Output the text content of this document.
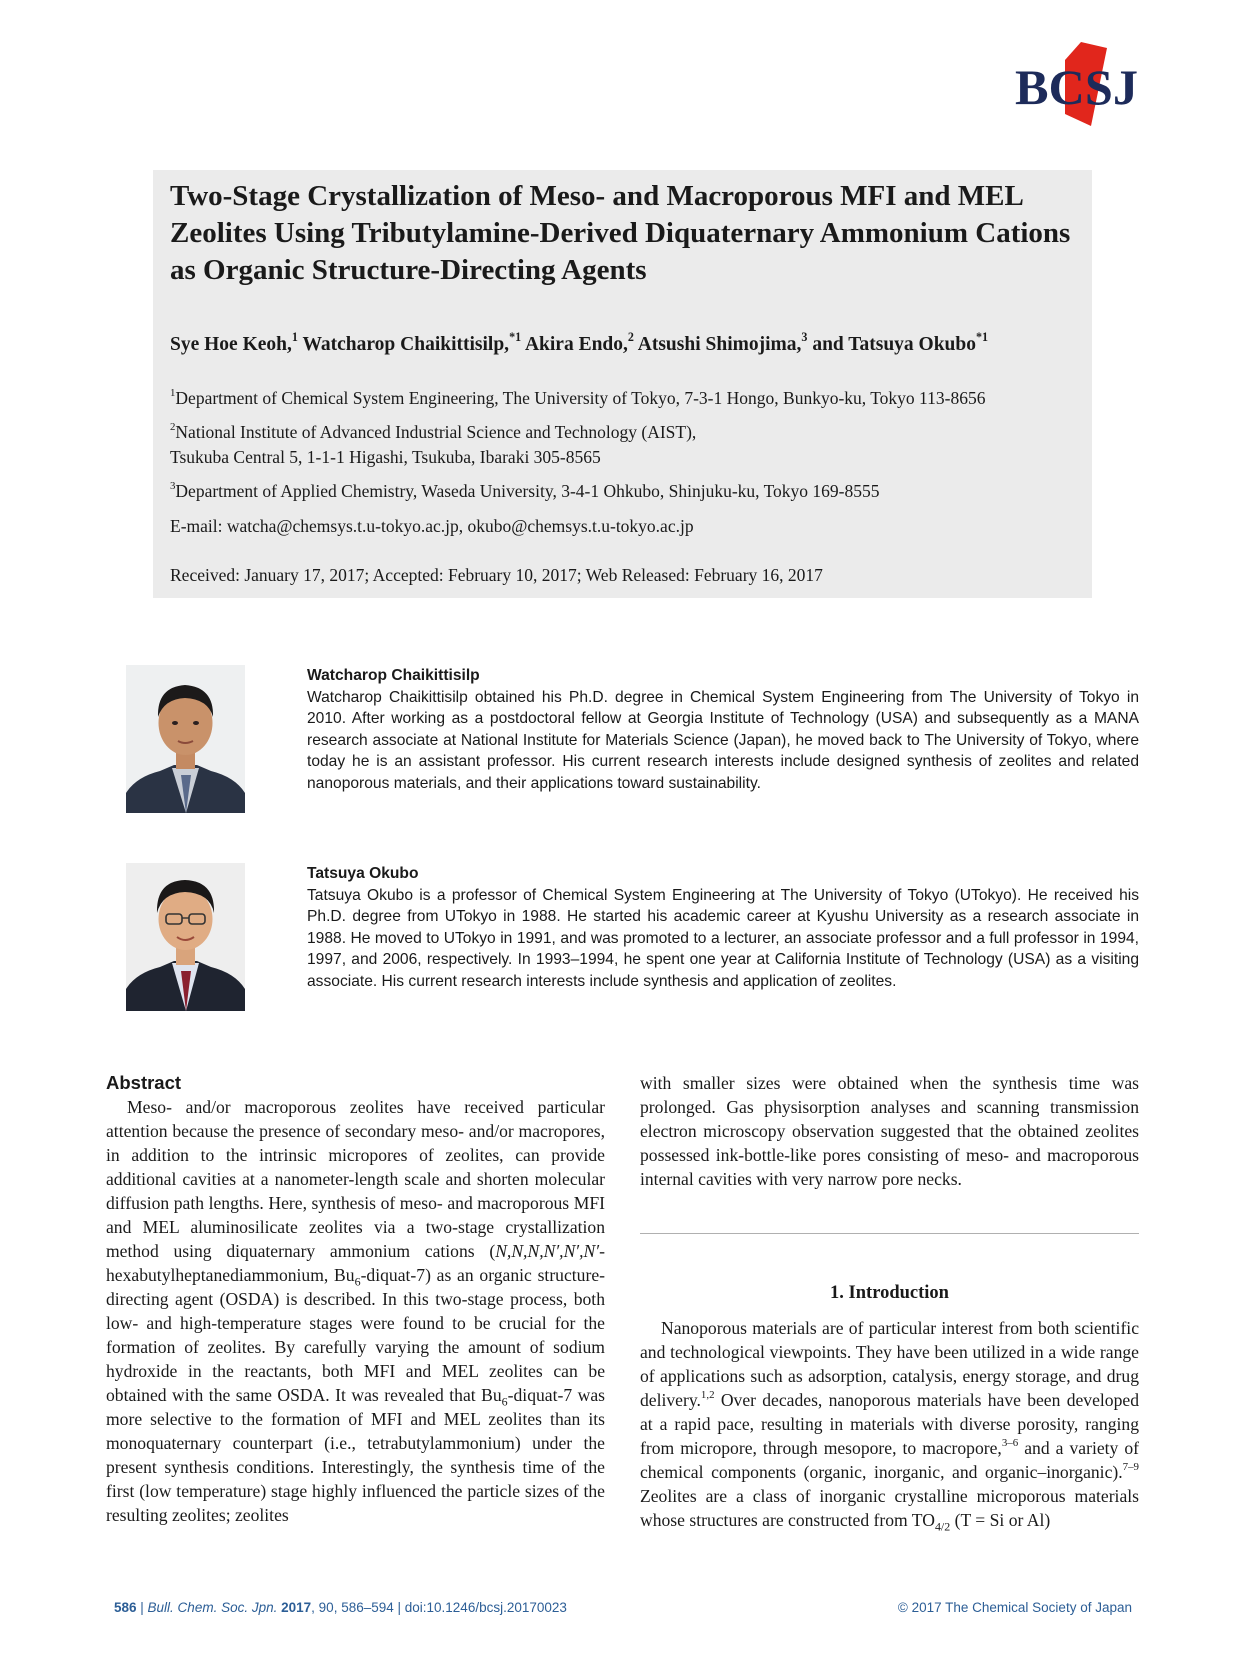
BCSJ
Two-Stage Crystallization of Meso- and Macroporous MFI and MEL Zeolites Using Tributylamine-Derived Diquaternary Ammonium Cations as Organic Structure-Directing Agents
Sye Hoe Keoh,$^1$ Watcharop Chaikittisilp,$^{*1}$ Akira Endo,$^2$ Atsushi Shimojima,$^3$ and Tatsuya Okubo$^{*1}$
$^1$Department of Chemical System Engineering, The University of Tokyo, 7-3-1 Hongo, Bunkyo-ku, Tokyo 113-8656
$^2$National Institute of Advanced Industrial Science and Technology (AIST),
Tsukuba Central 5, 1-1-1 Higashi, Tsukuba, Ibaraki 305-8565
$^3$Department of Applied Chemistry, Waseda University, 3-4-1 Ohkubo, Shinjuku-ku, Tokyo 169-8555
E-mail: watcha@chemsys.t.u-tokyo.ac.jp, okubo@chemsys.t.u-tokyo.ac.jp
Received: January 17, 2017; Accepted: February 10, 2017; Web Released: February 16, 2017
Watcharop Chaikittisilp
Watcharop Chaikittisilp obtained his Ph.D. degree in Chemical System Engineering from The University of Tokyo in 2010. After working as a postdoctoral fellow at Georgia Institute of Technology (USA) and subsequently as a MANA research associate at National Institute for Materials Science (Japan), he moved back to The University of Tokyo, where today he is an assistant professor. His current research interests include designed synthesis of zeolites and related nanoporous materials, and their applications toward sustainability.
Tatsuya Okubo
Tatsuya Okubo is a professor of Chemical System Engineering at The University of Tokyo (UTokyo). He received his Ph.D. degree from UTokyo in 1988. He started his academic career at Kyushu University as a research associate in 1988. He moved to UTokyo in 1991, and was promoted to a lecturer, an associate professor and a full professor in 1994, 1997, and 2006, respectively. In 1993–1994, he spent one year at California Institute of Technology (USA) as a visiting associate. His current research interests include synthesis and application of zeolites.
Abstract

Meso- and/or macroporous zeolites have received particular attention because the presence of secondary meso- and/or macropores, in addition to the intrinsic micropores of zeolites, can provide additional cavities at a nanometer-length scale and shorten molecular diffusion path lengths. Here, synthesis of meso- and macroporous MFI and MEL aluminosilicate zeolites via a two-stage crystallization method using diquaternary ammonium cations (N,N,N,N′,N′,N′-hexabutylheptanediammonium, $Bu_6-diquat-7$) as an organic structure-directing agent (OSDA) is described. In this two-stage process, both low- and high-temperature stages were found to be crucial for the formation of zeolites. By carefully varying the amount of sodium hydroxide in the reactants, both MFI and MEL zeolites can be obtained with the same OSDA. It was revealed that $Bu_6-diquat-7$ was more selective to the formation of MFI and MEL zeolites than its monoquaternary counterpart (i.e., tetrabutylammonium) under the present synthesis conditions. Interestingly, the synthesis time of the first (low temperature) stage highly influenced the particle sizes of the resulting zeolites; zeolites

with smaller sizes were obtained when the synthesis time was prolonged. Gas physisorption analyses and scanning transmission electron microscopy observation suggested that the obtained zeolites possessed ink-bottle-like pores consisting of meso- and macroporous internal cavities with very narrow pore necks.
1. Introduction

Nanoporous materials are of particular interest from both scientific and technological viewpoints. They have been utilized in a wide range of applications such as adsorption, catalysis, energy storage, and drug delivery.$^{1,2}$ Over decades, nanoporous materials have been developed at a rapid pace, resulting in materials with diverse porosity, ranging from micropore, through mesopore, to macropore,$^{3-6}$ and a variety of chemical components (organic, inorganic, and organic–inorganic).$^{7-9}$ Zeolites are a class of inorganic crystalline microporous materials whose structures are constructed from $TO_{4/2}$ (T = Si or Al)

586 | Bull. Chem. Soc. Jpn. 2017, 90, 586–594 | doi:10.1246/bcsj.20170023	© 2017 The Chemical Society of Japan
